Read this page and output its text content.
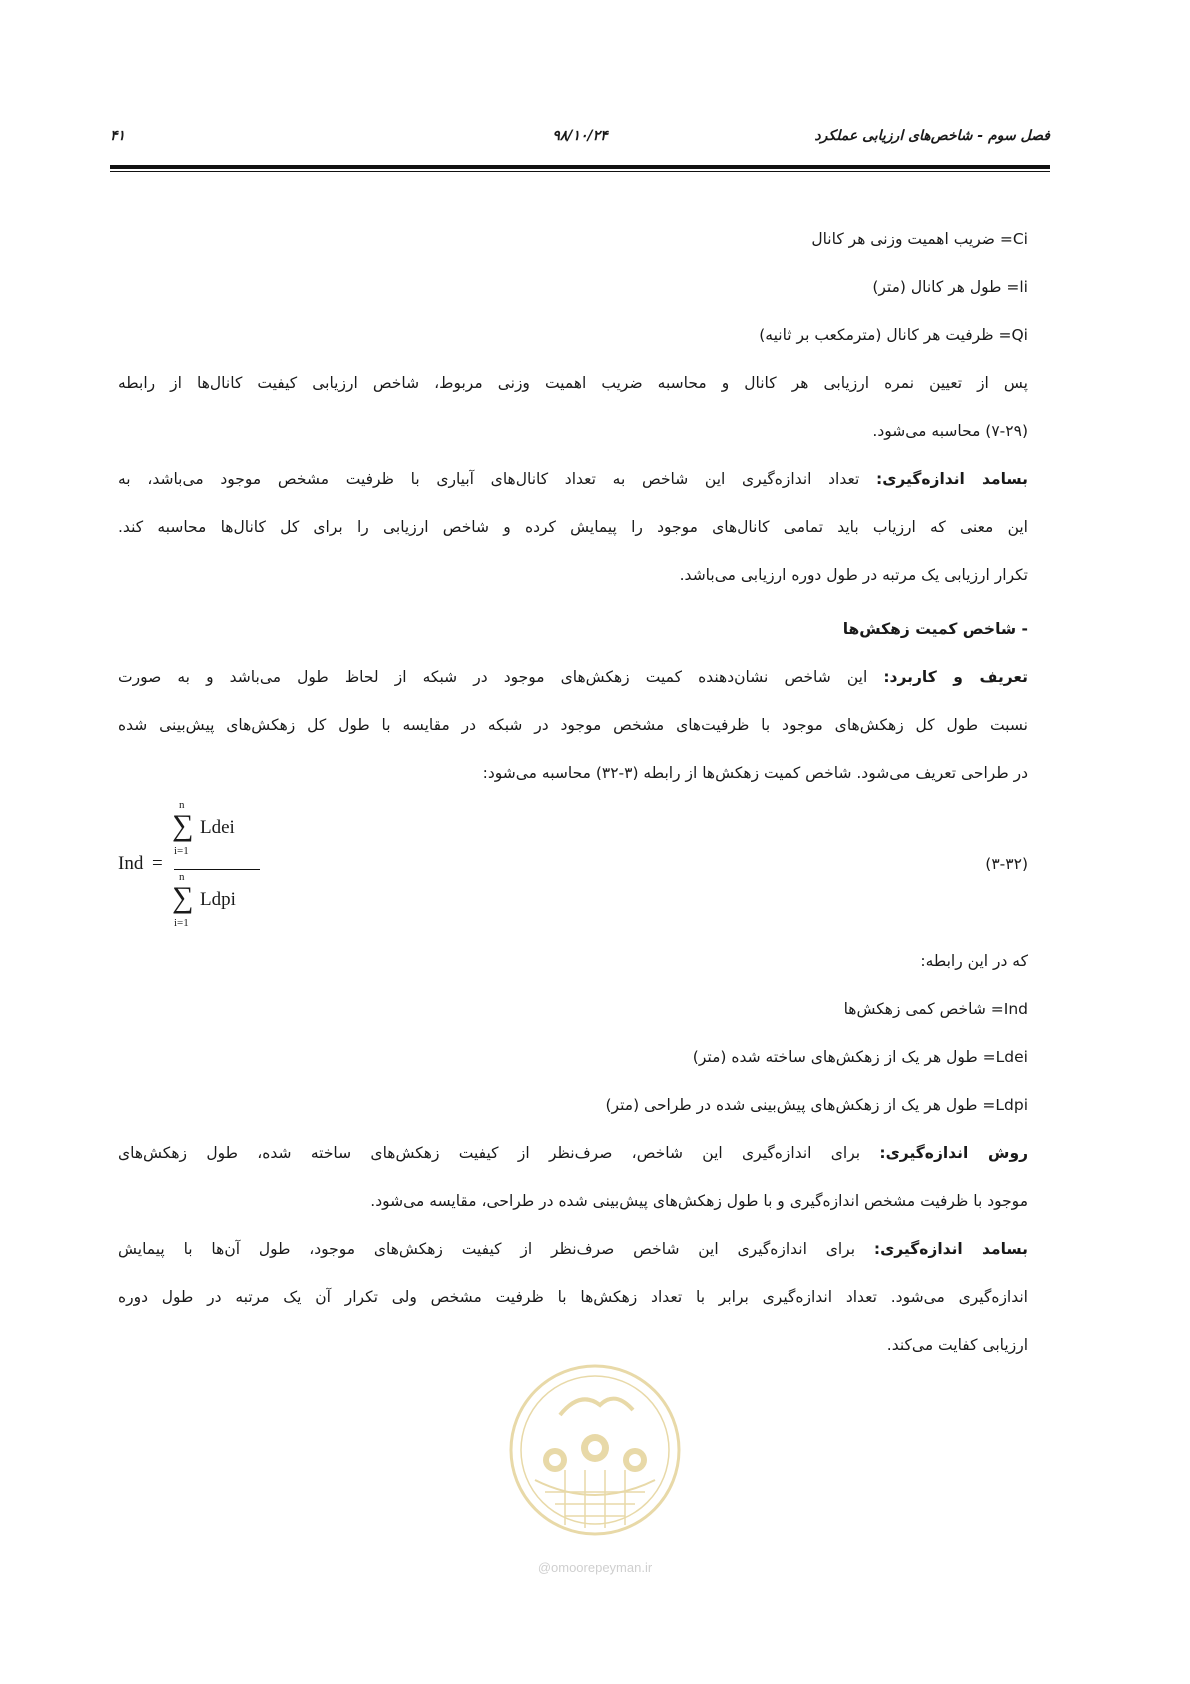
فصل سوم - شاخص‌های ارزیابی عملکرد
۹۸/۱۰/۲۴
۴۱
Ci= ضریب اهمیت وزنی هر کانال
li= طول هر کانال (متر)
Qi= ظرفیت هر کانال (مترمکعب بر ثانیه)
پس از تعیین نمره ارزیابی هر کانال و محاسبه ضریب اهمیت وزنی مربوط، شاخص ارزیابی کیفیت کانال‌ها از رابطه
(۷-۲۹) محاسبه می‌شود.
بسامد اندازه‌گیری: تعداد اندازه‌گیری این شاخص به تعداد کانال‌های آبیاری با ظرفیت مشخص موجود می‌باشد، به
این معنی که ارزیاب باید تمامی کانال‌های موجود را پیمایش کرده و شاخص ارزیابی را برای کل کانال‌ها محاسبه کند.
تکرار ارزیابی یک مرتبه در طول دوره ارزیابی می‌باشد.
- شاخص کمیت زهکش‌ها
تعریف و کاربرد: این شاخص نشان‌دهنده کمیت زهکش‌های موجود در شبکه از لحاظ طول می‌باشد و به صورت
نسبت طول کل زهکش‌های موجود با ظرفیت‌های مشخص موجود در شبکه در مقایسه با طول کل زهکش‌های پیش‌بینی شده
در طراحی تعریف می‌شود. شاخص کمیت زهکش‌ها از رابطه (۳-۳۲) محاسبه می‌شود:
Ind =
n
∑
i=1
Ldei
n
∑
i=1
Ldpi
(۳-۳۲)
که در این رابطه:
Ind= شاخص کمی زهکش‌ها
Ldei= طول هر یک از زهکش‌های ساخته شده (متر)
Ldpi= طول هر یک از زهکش‌های پیش‌بینی شده در طراحی (متر)
روش اندازه‌گیری: برای اندازه‌گیری این شاخص، صرف‌نظر از کیفیت زهکش‌های ساخته شده، طول زهکش‌های
موجود با ظرفیت مشخص اندازه‌گیری و با طول زهکش‌های پیش‌بینی شده در طراحی، مقایسه می‌شود.
بسامد اندازه‌گیری: برای اندازه‌گیری این شاخص صرف‌نظر از کیفیت زهکش‌های موجود، طول آن‌ها با پیمایش
اندازه‌گیری می‌شود. تعداد اندازه‌گیری برابر با تعداد زهکش‌ها با ظرفیت مشخص ولی تکرار آن یک مرتبه در طول دوره
ارزیابی کفایت می‌کند.
@omoorepeyman.ir
